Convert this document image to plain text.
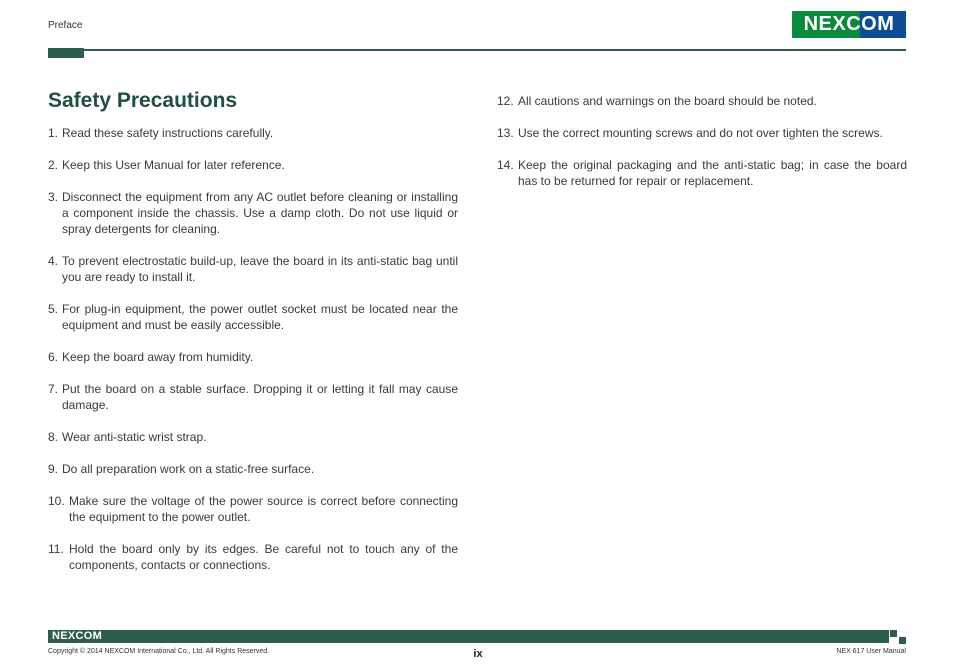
Preface	NEXCOM
Safety Precautions
1. Read these safety instructions carefully.
2. Keep this User Manual for later reference.
3. Disconnect the equipment from any AC outlet before cleaning or installing a component inside the chassis. Use a damp cloth. Do not use liquid or spray detergents for cleaning.
4. To prevent electrostatic build-up, leave the board in its anti-static bag until you are ready to install it.
5. For plug-in equipment, the power outlet socket must be located near the equipment and must be easily accessible.
6. Keep the board away from humidity.
7. Put the board on a stable surface. Dropping it or letting it fall may cause damage.
8. Wear anti-static wrist strap.
9. Do all preparation work on a static-free surface.
10. Make sure the voltage of the power source is correct before connecting the equipment to the power outlet.
11. Hold the board only by its edges. Be careful not to touch any of the components, contacts or connections.
12. All cautions and warnings on the board should be noted.
13. Use the correct mounting screws and do not over tighten the screws.
14. Keep the original packaging and the anti-static bag; in case the board has to be returned for repair or replacement.
NEXCOM
Copyright © 2014 NEXCOM International Co., Ltd. All Rights Reserved.	ix	NEX 617 User Manual
